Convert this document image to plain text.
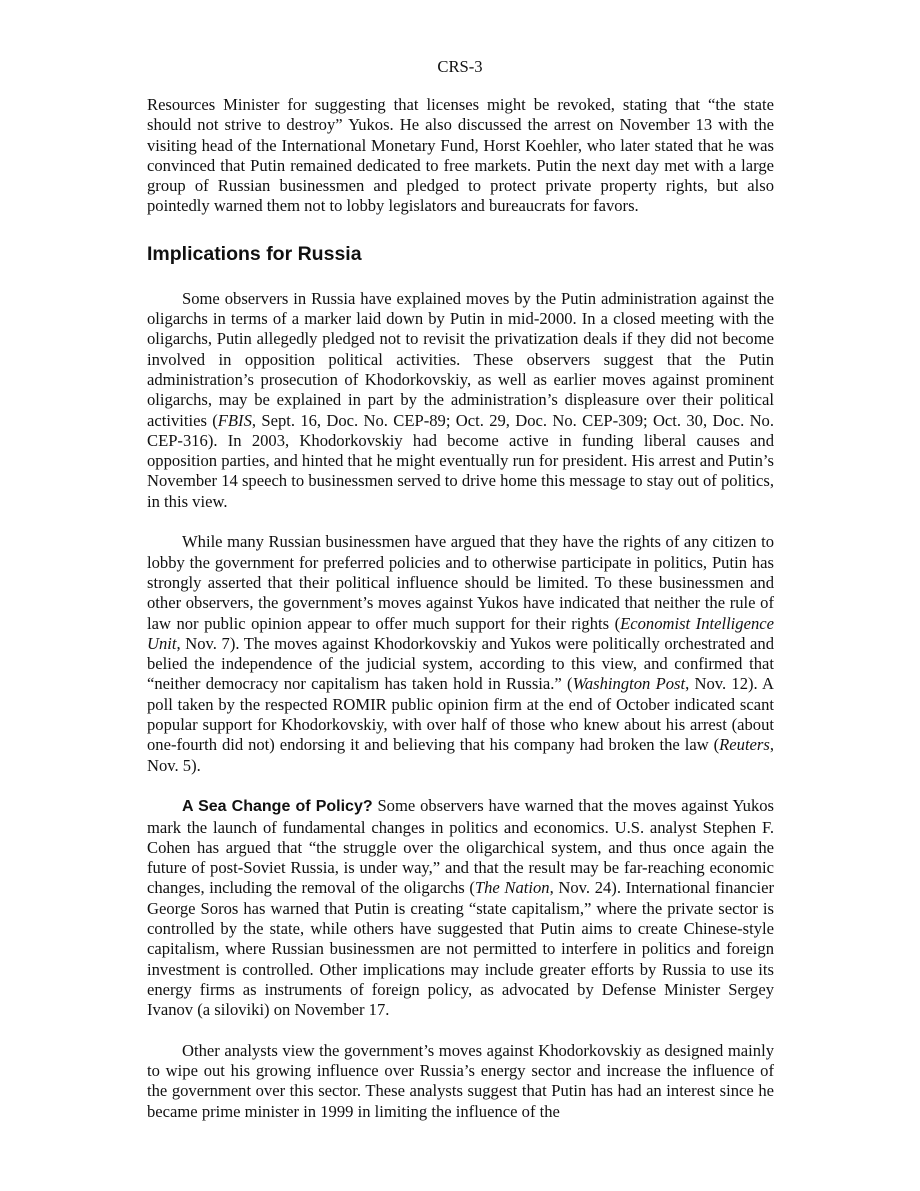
CRS-3

Resources Minister for suggesting that licenses might be revoked, stating that “the state should not strive to destroy” Yukos. He also discussed the arrest on November 13 with the visiting head of the International Monetary Fund, Horst Koehler, who later stated that he was convinced that Putin remained dedicated to free markets. Putin the next day met with a large group of Russian businessmen and pledged to protect private property rights, but also pointedly warned them not to lobby legislators and bureaucrats for favors.

Implications for Russia

Some observers in Russia have explained moves by the Putin administration against the oligarchs in terms of a marker laid down by Putin in mid-2000. In a closed meeting with the oligarchs, Putin allegedly pledged not to revisit the privatization deals if they did not become involved in opposition political activities. These observers suggest that the Putin administration’s prosecution of Khodorkovskiy, as well as earlier moves against prominent oligarchs, may be explained in part by the administration’s displeasure over their political activities (FBIS, Sept. 16, Doc. No. CEP-89; Oct. 29, Doc. No. CEP-309; Oct. 30, Doc. No. CEP-316). In 2003, Khodorkovskiy had become active in funding liberal causes and opposition parties, and hinted that he might eventually run for president. His arrest and Putin’s November 14 speech to businessmen served to drive home this message to stay out of politics, in this view.

While many Russian businessmen have argued that they have the rights of any citizen to lobby the government for preferred policies and to otherwise participate in politics, Putin has strongly asserted that their political influence should be limited. To these businessmen and other observers, the government’s moves against Yukos have indicated that neither the rule of law nor public opinion appear to offer much support for their rights (Economist Intelligence Unit, Nov. 7). The moves against Khodorkovskiy and Yukos were politically orchestrated and belied the independence of the judicial system, according to this view, and confirmed that “neither democracy nor capitalism has taken hold in Russia.” (Washington Post, Nov. 12). A poll taken by the respected ROMIR public opinion firm at the end of October indicated scant popular support for Khodorkovskiy, with over half of those who knew about his arrest (about one-fourth did not) endorsing it and believing that his company had broken the law (Reuters, Nov. 5).

A Sea Change of Policy? Some observers have warned that the moves against Yukos mark the launch of fundamental changes in politics and economics. U.S. analyst Stephen F. Cohen has argued that “the struggle over the oligarchical system, and thus once again the future of post-Soviet Russia, is under way,” and that the result may be far-reaching economic changes, including the removal of the oligarchs (The Nation, Nov. 24). International financier George Soros has warned that Putin is creating “state capitalism,” where the private sector is controlled by the state, while others have suggested that Putin aims to create Chinese-style capitalism, where Russian businessmen are not permitted to interfere in politics and foreign investment is controlled. Other implications may include greater efforts by Russia to use its energy firms as instruments of foreign policy, as advocated by Defense Minister Sergey Ivanov (a siloviki) on November 17.

Other analysts view the government’s moves against Khodorkovskiy as designed mainly to wipe out his growing influence over Russia’s energy sector and increase the influence of the government over this sector. These analysts suggest that Putin has had an interest since he became prime minister in 1999 in limiting the influence of the
